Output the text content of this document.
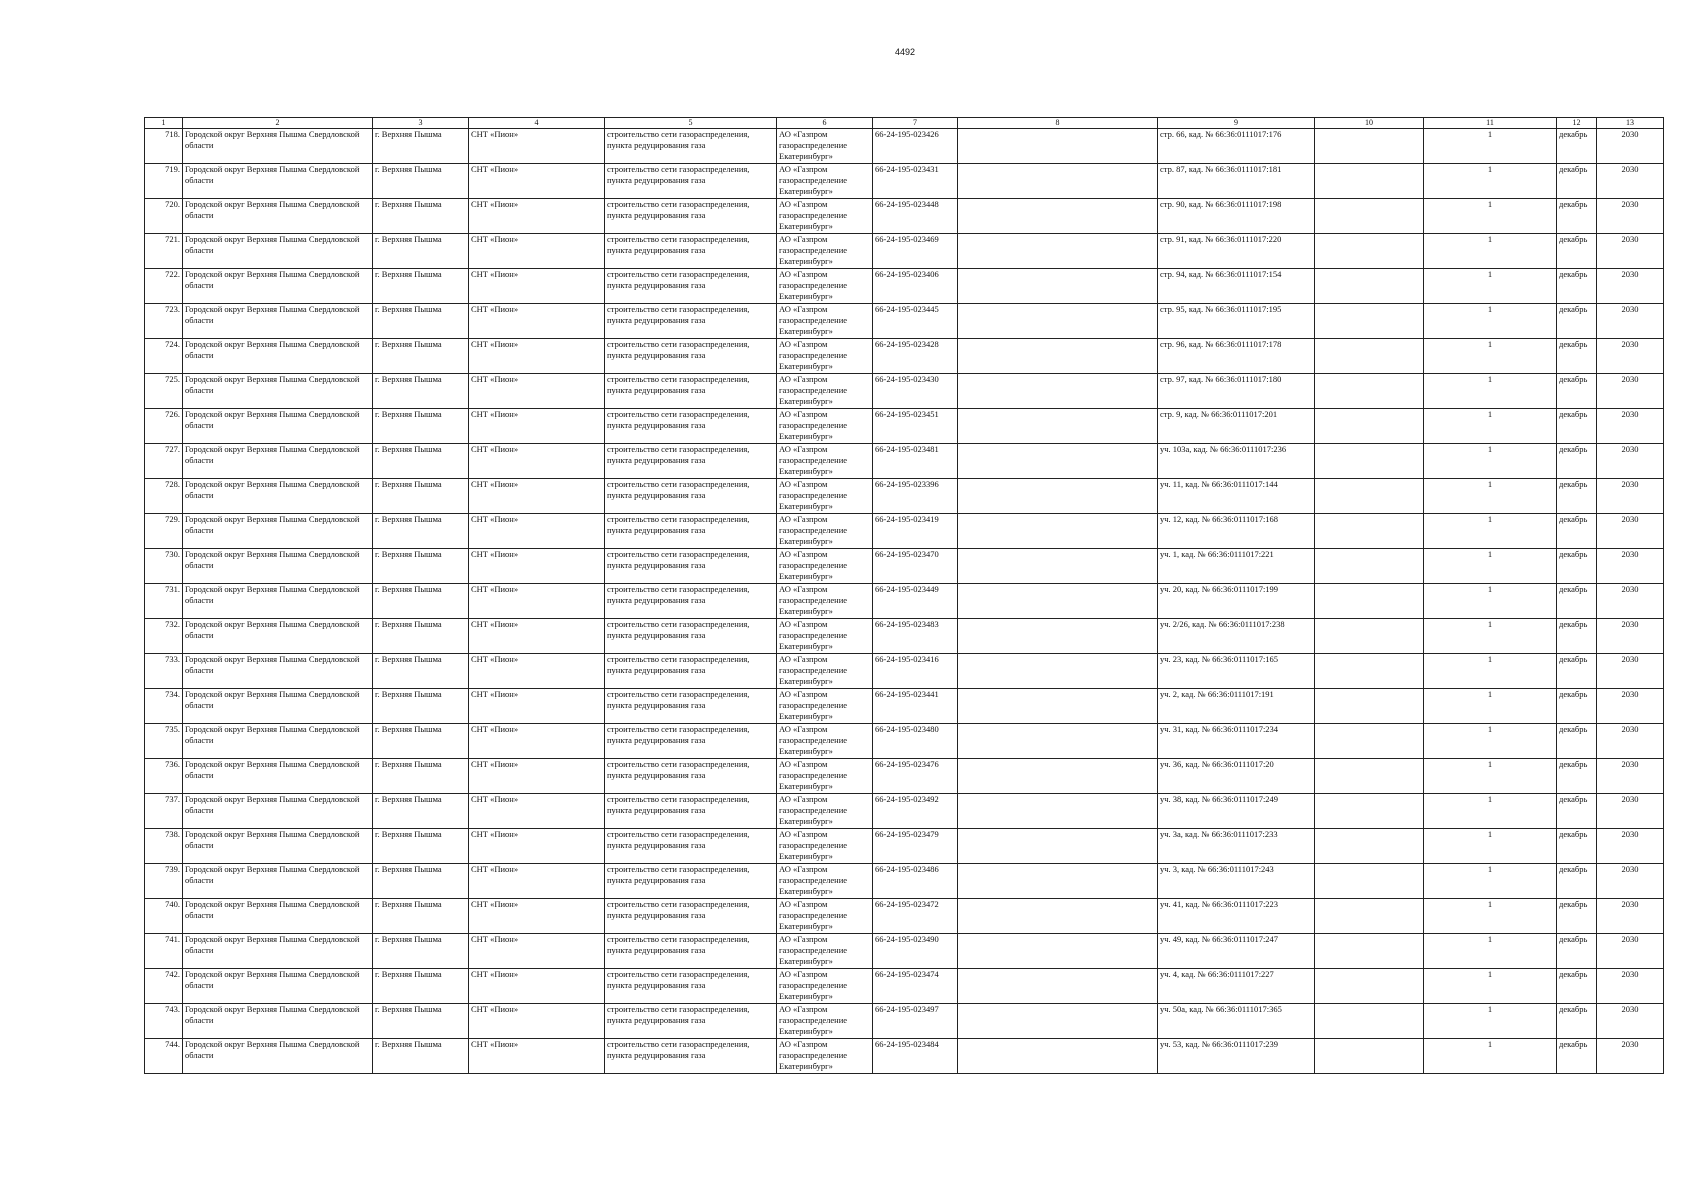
4492
1	2	3	4	5	6	7	8	9	10	11	12	13
718.	Городской округ Верхняя Пышма Свердловской области	г. Верхняя Пышма	СНТ «Пион»	строительство сети газораспределения, пункта редуцирования газа	АО «Газпром газораспределение Екатеринбург»	66-24-195-023426		стр. 66, кад. № 66:36:0111017:176		1	декабрь	2030
719.	Городской округ Верхняя Пышма Свердловской области	г. Верхняя Пышма	СНТ «Пион»	строительство сети газораспределения, пункта редуцирования газа	АО «Газпром газораспределение Екатеринбург»	66-24-195-023431		стр. 87, кад. № 66:36:0111017:181		1	декабрь	2030
720.	Городской округ Верхняя Пышма Свердловской области	г. Верхняя Пышма	СНТ «Пион»	строительство сети газораспределения, пункта редуцирования газа	АО «Газпром газораспределение Екатеринбург»	66-24-195-023448		стр. 90, кад. № 66:36:0111017:198		1	декабрь	2030
721.	Городской округ Верхняя Пышма Свердловской области	г. Верхняя Пышма	СНТ «Пион»	строительство сети газораспределения, пункта редуцирования газа	АО «Газпром газораспределение Екатеринбург»	66-24-195-023469		стр. 91, кад. № 66:36:0111017:220		1	декабрь	2030
722.	Городской округ Верхняя Пышма Свердловской области	г. Верхняя Пышма	СНТ «Пион»	строительство сети газораспределения, пункта редуцирования газа	АО «Газпром газораспределение Екатеринбург»	66-24-195-023406		стр. 94, кад. № 66:36:0111017:154		1	декабрь	2030
723.	Городской округ Верхняя Пышма Свердловской области	г. Верхняя Пышма	СНТ «Пион»	строительство сети газораспределения, пункта редуцирования газа	АО «Газпром газораспределение Екатеринбург»	66-24-195-023445		стр. 95, кад. № 66:36:0111017:195		1	декабрь	2030
724.	Городской округ Верхняя Пышма Свердловской области	г. Верхняя Пышма	СНТ «Пион»	строительство сети газораспределения, пункта редуцирования газа	АО «Газпром газораспределение Екатеринбург»	66-24-195-023428		стр. 96, кад. № 66:36:0111017:178		1	декабрь	2030
725.	Городской округ Верхняя Пышма Свердловской области	г. Верхняя Пышма	СНТ «Пион»	строительство сети газораспределения, пункта редуцирования газа	АО «Газпром газораспределение Екатеринбург»	66-24-195-023430		стр. 97, кад. № 66:36:0111017:180		1	декабрь	2030
726.	Городской округ Верхняя Пышма Свердловской области	г. Верхняя Пышма	СНТ «Пион»	строительство сети газораспределения, пункта редуцирования газа	АО «Газпром газораспределение Екатеринбург»	66-24-195-023451		стр. 9, кад. № 66:36:0111017:201		1	декабрь	2030
727.	Городской округ Верхняя Пышма Свердловской области	г. Верхняя Пышма	СНТ «Пион»	строительство сети газораспределения, пункта редуцирования газа	АО «Газпром газораспределение Екатеринбург»	66-24-195-023481		уч. 103а, кад. № 66:36:0111017:236		1	декабрь	2030
728.	Городской округ Верхняя Пышма Свердловской области	г. Верхняя Пышма	СНТ «Пион»	строительство сети газораспределения, пункта редуцирования газа	АО «Газпром газораспределение Екатеринбург»	66-24-195-023396		уч. 11, кад. № 66:36:0111017:144		1	декабрь	2030
729.	Городской округ Верхняя Пышма Свердловской области	г. Верхняя Пышма	СНТ «Пион»	строительство сети газораспределения, пункта редуцирования газа	АО «Газпром газораспределение Екатеринбург»	66-24-195-023419		уч. 12, кад. № 66:36:0111017:168		1	декабрь	2030
730.	Городской округ Верхняя Пышма Свердловской области	г. Верхняя Пышма	СНТ «Пион»	строительство сети газораспределения, пункта редуцирования газа	АО «Газпром газораспределение Екатеринбург»	66-24-195-023470		уч. 1, кад. № 66:36:0111017:221		1	декабрь	2030
731.	Городской округ Верхняя Пышма Свердловской области	г. Верхняя Пышма	СНТ «Пион»	строительство сети газораспределения, пункта редуцирования газа	АО «Газпром газораспределение Екатеринбург»	66-24-195-023449		уч. 20, кад. № 66:36:0111017:199		1	декабрь	2030
732.	Городской округ Верхняя Пышма Свердловской области	г. Верхняя Пышма	СНТ «Пион»	строительство сети газораспределения, пункта редуцирования газа	АО «Газпром газораспределение Екатеринбург»	66-24-195-023483		уч. 2/26, кад. № 66:36:0111017:238		1	декабрь	2030
733.	Городской округ Верхняя Пышма Свердловской области	г. Верхняя Пышма	СНТ «Пион»	строительство сети газораспределения, пункта редуцирования газа	АО «Газпром газораспределение Екатеринбург»	66-24-195-023416		уч. 23, кад. № 66:36:0111017:165		1	декабрь	2030
734.	Городской округ Верхняя Пышма Свердловской области	г. Верхняя Пышма	СНТ «Пион»	строительство сети газораспределения, пункта редуцирования газа	АО «Газпром газораспределение Екатеринбург»	66-24-195-023441		уч. 2, кад. № 66:36:0111017:191		1	декабрь	2030
735.	Городской округ Верхняя Пышма Свердловской области	г. Верхняя Пышма	СНТ «Пион»	строительство сети газораспределения, пункта редуцирования газа	АО «Газпром газораспределение Екатеринбург»	66-24-195-023480		уч. 31, кад. № 66:36:0111017:234		1	декабрь	2030
736.	Городской округ Верхняя Пышма Свердловской области	г. Верхняя Пышма	СНТ «Пион»	строительство сети газораспределения, пункта редуцирования газа	АО «Газпром газораспределение Екатеринбург»	66-24-195-023476		уч. 36, кад. № 66:36:0111017:20		1	декабрь	2030
737.	Городской округ Верхняя Пышма Свердловской области	г. Верхняя Пышма	СНТ «Пион»	строительство сети газораспределения, пункта редуцирования газа	АО «Газпром газораспределение Екатеринбург»	66-24-195-023492		уч. 38, кад. № 66:36:0111017:249		1	декабрь	2030
738.	Городской округ Верхняя Пышма Свердловской области	г. Верхняя Пышма	СНТ «Пион»	строительство сети газораспределения, пункта редуцирования газа	АО «Газпром газораспределение Екатеринбург»	66-24-195-023479		уч. 3а, кад. № 66:36:0111017:233		1	декабрь	2030
739.	Городской округ Верхняя Пышма Свердловской области	г. Верхняя Пышма	СНТ «Пион»	строительство сети газораспределения, пункта редуцирования газа	АО «Газпром газораспределение Екатеринбург»	66-24-195-023486		уч. 3, кад. № 66:36:0111017:243		1	декабрь	2030
740.	Городской округ Верхняя Пышма Свердловской области	г. Верхняя Пышма	СНТ «Пион»	строительство сети газораспределения, пункта редуцирования газа	АО «Газпром газораспределение Екатеринбург»	66-24-195-023472		уч. 41, кад. № 66:36:0111017:223		1	декабрь	2030
741.	Городской округ Верхняя Пышма Свердловской области	г. Верхняя Пышма	СНТ «Пион»	строительство сети газораспределения, пункта редуцирования газа	АО «Газпром газораспределение Екатеринбург»	66-24-195-023490		уч. 49, кад. № 66:36:0111017:247		1	декабрь	2030
742.	Городской округ Верхняя Пышма Свердловской области	г. Верхняя Пышма	СНТ «Пион»	строительство сети газораспределения, пункта редуцирования газа	АО «Газпром газораспределение Екатеринбург»	66-24-195-023474		уч. 4, кад. № 66:36:0111017:227		1	декабрь	2030
743.	Городской округ Верхняя Пышма Свердловской области	г. Верхняя Пышма	СНТ «Пион»	строительство сети газораспределения, пункта редуцирования газа	АО «Газпром газораспределение Екатеринбург»	66-24-195-023497		уч. 50а, кад. № 66:36:0111017:365		1	декабрь	2030
744.	Городской округ Верхняя Пышма Свердловской области	г. Верхняя Пышма	СНТ «Пион»	строительство сети газораспределения, пункта редуцирования газа	АО «Газпром газораспределение Екатеринбург»	66-24-195-023484		уч. 53, кад. № 66:36:0111017:239		1	декабрь	2030
